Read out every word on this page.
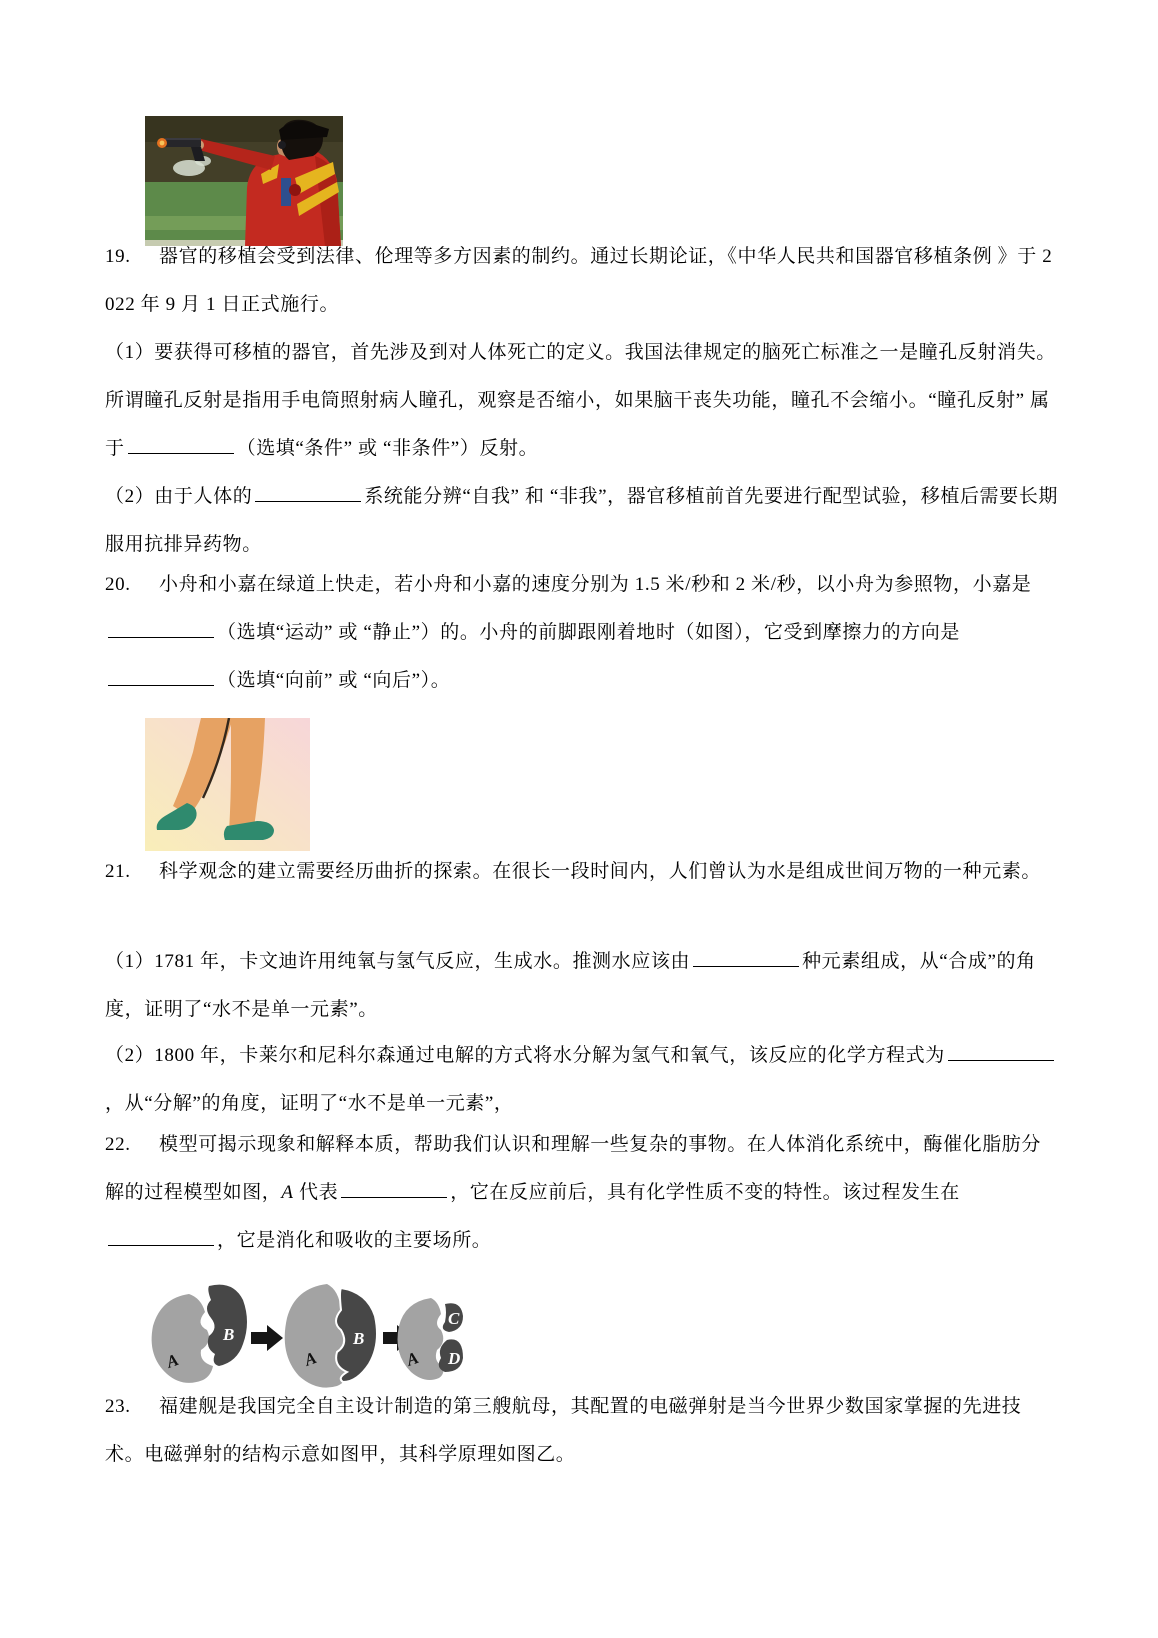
19. 器官的移植会受到法律、伦理等多方因素的制约。通过长期论证，《中华人民共和国器官移植条例 》于 2022 年 9 月 1 日正式施行。

（1）要获得可移植的器官，首先涉及到对人体死亡的定义。我国法律规定的脑死亡标准之一是瞳孔反射消失。所谓瞳孔反射是指用手电筒照射病人瞳孔，观察是否缩小，如果脑干丧失功能，瞳孔不会缩小。“瞳孔反射” 属于	（选填“条件” 或 “非条件”）反射。

（2）由于人体的	系统能分辨“自我” 和 “非我”，器官移植前首先要进行配型试验，移植后需要长期服用抗排异药物。

20. 小舟和小嘉在绿道上快走，若小舟和小嘉的速度分别为 1.5 米/秒和 2 米/秒，以小舟为参照物，小嘉是（选填“运动” 或 “静止”）的。小舟的前脚跟刚着地时（如图），它受到摩擦力的方向是（选填“向前” 或 “向后”）。

21. 科学观念的建立需要经历曲折的探索。在很长一段时间内，人们曾认为水是组成世间万物的一种元素。

（1）1781 年，卡文迪许用纯氧与氢气反应，生成水。推测水应该由	种元素组成，从“合成”的角度，证明了“水不是单一元素”。

（2）1800 年，卡莱尔和尼科尔森通过电解的方式将水分解为氢气和氧气，该反应的化学方程式为，从“分解”的角度，证明了“水不是单一元素”，

22. 模型可揭示现象和解释本质，帮助我们认识和理解一些复杂的事物。在人体消化系统中，酶催化脂肪分解的过程模型如图，A 代表	，它在反应前后，具有化学性质不变的特性。该过程发生在，它是消化和吸收的主要场所。

A
B
A
B
A
C
D

23. 福建舰是我国完全自主设计制造的第三艘航母，其配置的电磁弹射是当今世界少数国家掌握的先进技术。电磁弹射的结构示意如图甲，其科学原理如图乙。
